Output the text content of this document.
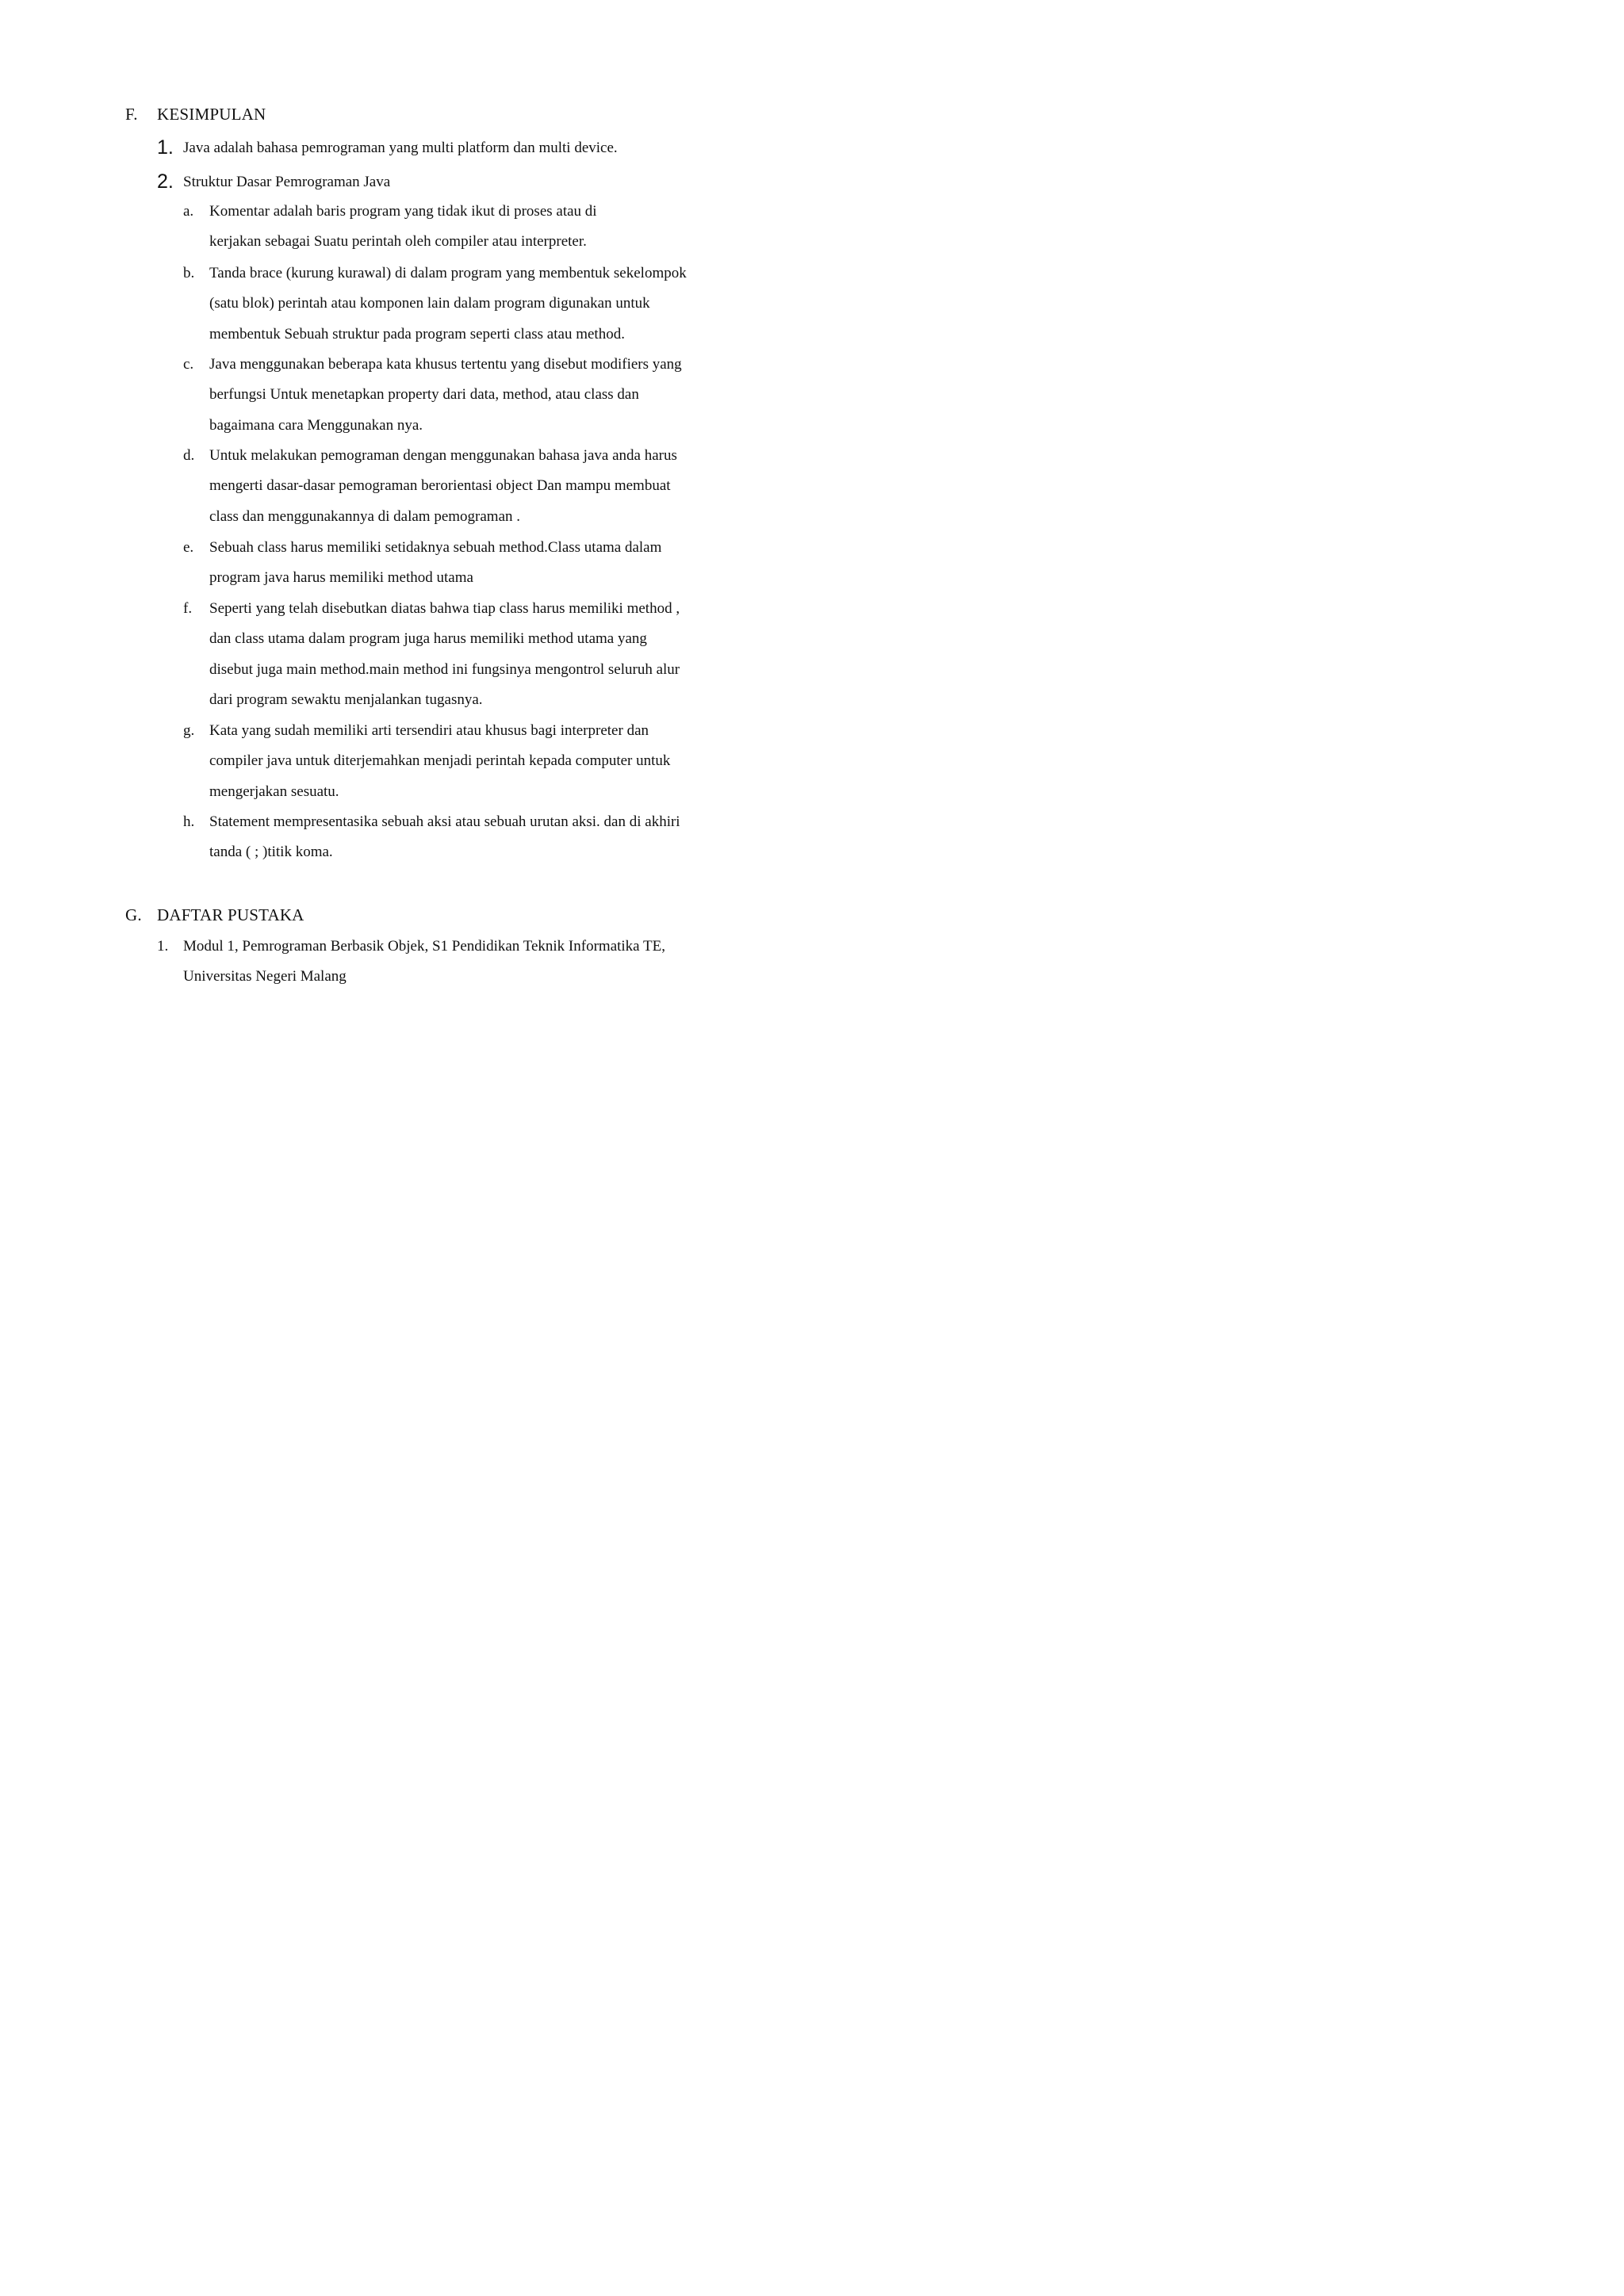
F. KESIMPULAN
1. Java adalah bahasa pemrograman yang multi platform dan multi device.
2. Struktur Dasar Pemrograman Java
a. Komentar adalah baris program yang tidak ikut di proses atau di
kerjakan sebagai Suatu perintah oleh compiler atau interpreter.
b. Tanda brace (kurung kurawal) di dalam program yang membentuk sekelompok
(satu blok) perintah atau komponen lain dalam program digunakan untuk
membentuk Sebuah struktur pada program seperti class atau method.
c. Java menggunakan beberapa kata khusus tertentu yang disebut modifiers yang
berfungsi Untuk menetapkan property dari data, method, atau class dan
bagaimana cara Menggunakan nya.
d. Untuk melakukan pemograman dengan menggunakan bahasa java anda harus
mengerti dasar-dasar pemograman berorientasi object Dan mampu membuat
class dan menggunakannya di dalam pemograman .
e. Sebuah class harus memiliki setidaknya sebuah method.Class utama dalam
program java harus memiliki method utama
f. Seperti yang telah disebutkan diatas bahwa tiap class harus memiliki method ,
dan class utama dalam program juga harus memiliki method utama yang
disebut juga main method.main method ini fungsinya mengontrol seluruh alur
dari program sewaktu menjalankan tugasnya.
g. Kata yang sudah memiliki arti tersendiri atau khusus bagi interpreter dan
compiler java untuk diterjemahkan menjadi perintah kepada computer untuk
mengerjakan sesuatu.
h. Statement mempresentasika sebuah aksi atau sebuah urutan aksi. dan di akhiri
tanda ( ; )titik koma.
G. DAFTAR PUSTAKA
1. Modul 1, Pemrograman Berbasik Objek, S1 Pendidikan Teknik Informatika TE,
Universitas Negeri Malang
